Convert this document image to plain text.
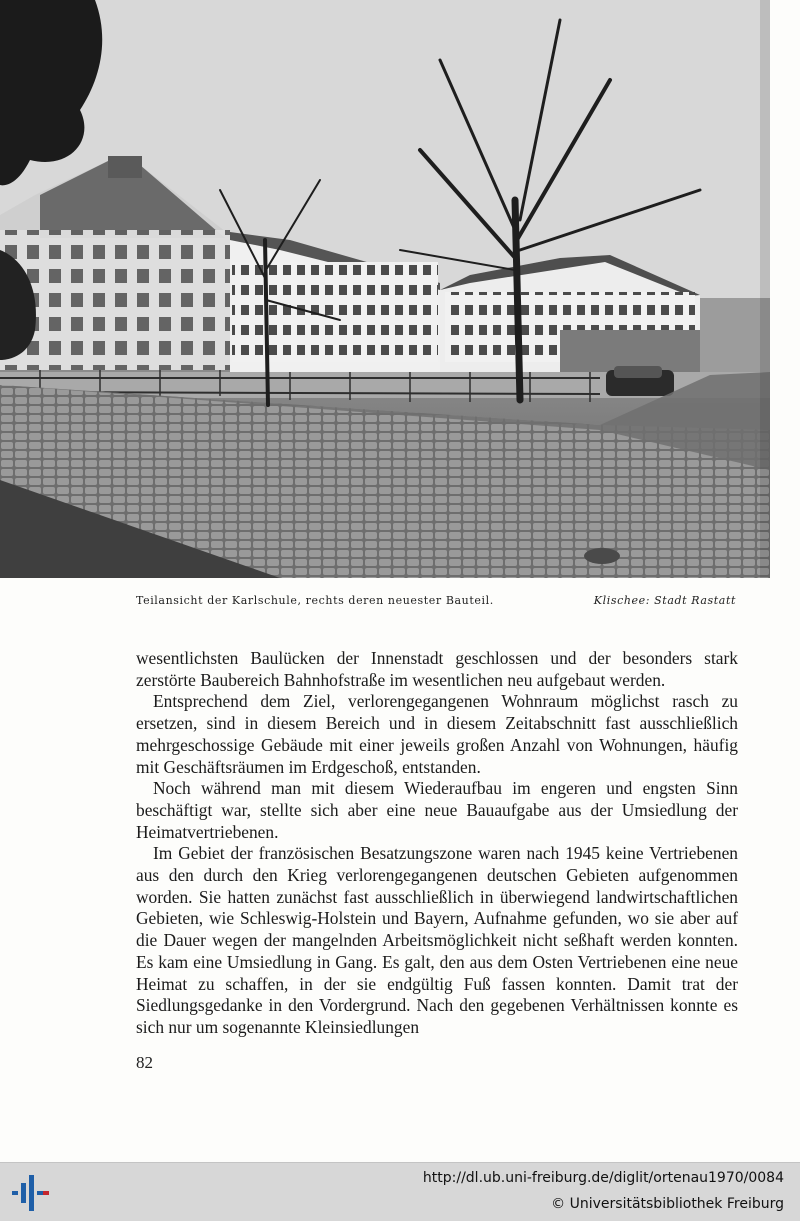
Teilansicht der Karlschule, rechts deren neuester Bauteil.	Klischee: Stadt Rastatt

wesentlichsten Baulücken der Innenstadt geschlossen und der besonders stark zerstörte Baubereich Bahnhofstraße im wesentlichen neu aufgebaut werden.

Entsprechend dem Ziel, verlorengegangenen Wohnraum möglichst rasch zu ersetzen, sind in diesem Bereich und in diesem Zeitabschnitt fast ausschließlich mehrgeschossige Gebäude mit einer jeweils großen Anzahl von Wohnungen, häufig mit Geschäftsräumen im Erdgeschoß, entstanden.

Noch während man mit diesem Wiederaufbau im engeren und engsten Sinn beschäftigt war, stellte sich aber eine neue Bauaufgabe aus der Umsiedlung der Heimatvertriebenen.

Im Gebiet der französischen Besatzungszone waren nach 1945 keine Vertriebenen aus den durch den Krieg verlorengegangenen deutschen Gebieten aufgenommen worden. Sie hatten zunächst fast ausschließlich in überwiegend landwirtschaftlichen Gebieten, wie Schleswig-Holstein und Bayern, Aufnahme gefunden, wo sie aber auf die Dauer wegen der mangelnden Arbeitsmöglichkeit nicht seßhaft werden konnten. Es kam eine Umsiedlung in Gang. Es galt, den aus dem Osten Vertriebenen eine neue Heimat zu schaffen, in der sie endgültig Fuß fassen konnten. Damit trat der Siedlungsgedanke in den Vordergrund. Nach den gegebenen Verhältnissen konnte es sich nur um sogenannte Kleinsiedlungen

82
http://dl.ub.uni-freiburg.de/diglit/ortenau1970/0084
© Universitätsbibliothek Freiburg
